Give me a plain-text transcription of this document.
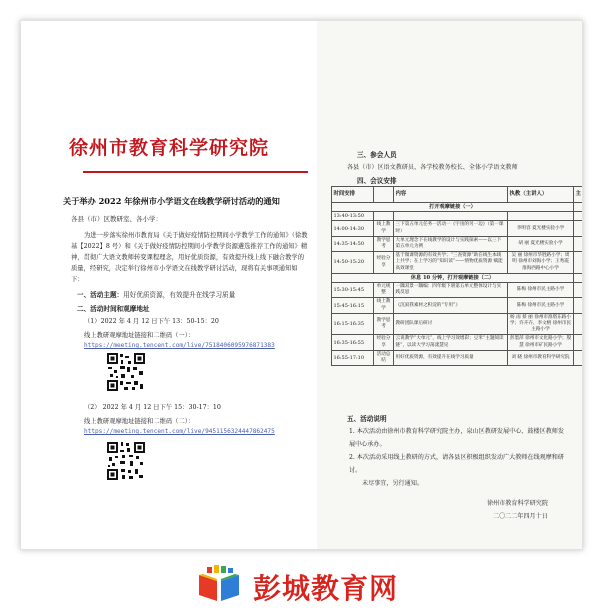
徐州市教育科学研究院
关于举办 2022 年徐州市小学语文在线教学研讨活动的通知
各县（市）区教研室、各小学：
为进一步落实徐州市教育局《关于做好疫情防控期间小学教学工作的通知》（徐教基【2022】8 号）和《关于做好疫情防控期间小学教学资源遴选推荐工作的通知》精神，贯彻广大语文教师转变课程理念，用好优质资源，有效提升线上线下融合教学的质量，经研究，决定举行徐州市小学语文在线教学研讨活动，现将有关事项通知如下：
一、活动主题：用好优质资源，有效提升在线学习质量
二、活动时间和观摩地址
（1）2022 年 4 月 12 日下午 13：50-15：20
线上教研观摩地址链接和二维码（一）：
https://meeting.tencent.com/live/7518406095976871383
（2） 2022 年 4 月 12 日下午 15：30-17：10
线上教研观摩地址链接和二维码（二）：
https://meeting.tencent.com/live/9451156324447862475
三、参会人员
各县（市）区语文教研员、各学校教务校长、全体小学语文教师
四、会议安排
时间安排		内容	执教（主讲人）	主
打开观摩链接（一）				
13:40-13:50				
14:00-14:30	线上教学	三下第五单元任务一活动一《宇宙的另一边》（第一课时）	李明容 夏光楼实验小学	
14:35-14:50	教学思考	大单元理念下在线教学的设计与实践探索——以三下第五单元为例	胡 丽 夏光楼实验小学	
14:50-15:20	经验分享	基于微课资源的有效共学；“三查资源”助在线生本线上共学；在上学习的“知识读”——情物优质资源 赋能高效课堂	吴 丽 徐州市华胜路小学；周 明 徐州市刘海小学；王秀霞 淮海西路中心小学	
休息 10 分钟，打开观摩链接（二）				
15:30-15:45	单元规整	一隅双景一隅编：四年级下册第五单元整体设计与实践反思	陈梅 徐州市民主路小学	
15:45-16:15	线上教学	《沉寂我素材之积淀的“专用”》	陈梅 徐州市民主路小学	
16:15-16:35	教学思考	教研团队课后研讨	杨 雨 蔡 丽 徐州市淮塔东路小学；许卉卉、李文榕 徐州市民主路小学	
16:35-16:55	经验分享	云说教学“大单元”，线上学习效增彩；豆米“主题阅读链”，以读大学习荡漾慧见	彭墨萍 徐州市文化路小学；殷 慧 徐州市矿民路小学	
16:55-17:10	活动总结	用好优质资源，有效提升在线学习质量	刘 晓 徐州市教育科学研究院	
五、活动说明
1. 本次活动由徐州市教育科学研究院主办，泉山区教研发展中心、鼓楼区教师发展中心承办。
2. 本次活动采用线上教研的方式，请各县区积极组织发动广大教师在线观摩和研讨。
未尽事宜，另行通知。
徐州市教育科学研究院
二〇二二年四月十日
彭城教育网
